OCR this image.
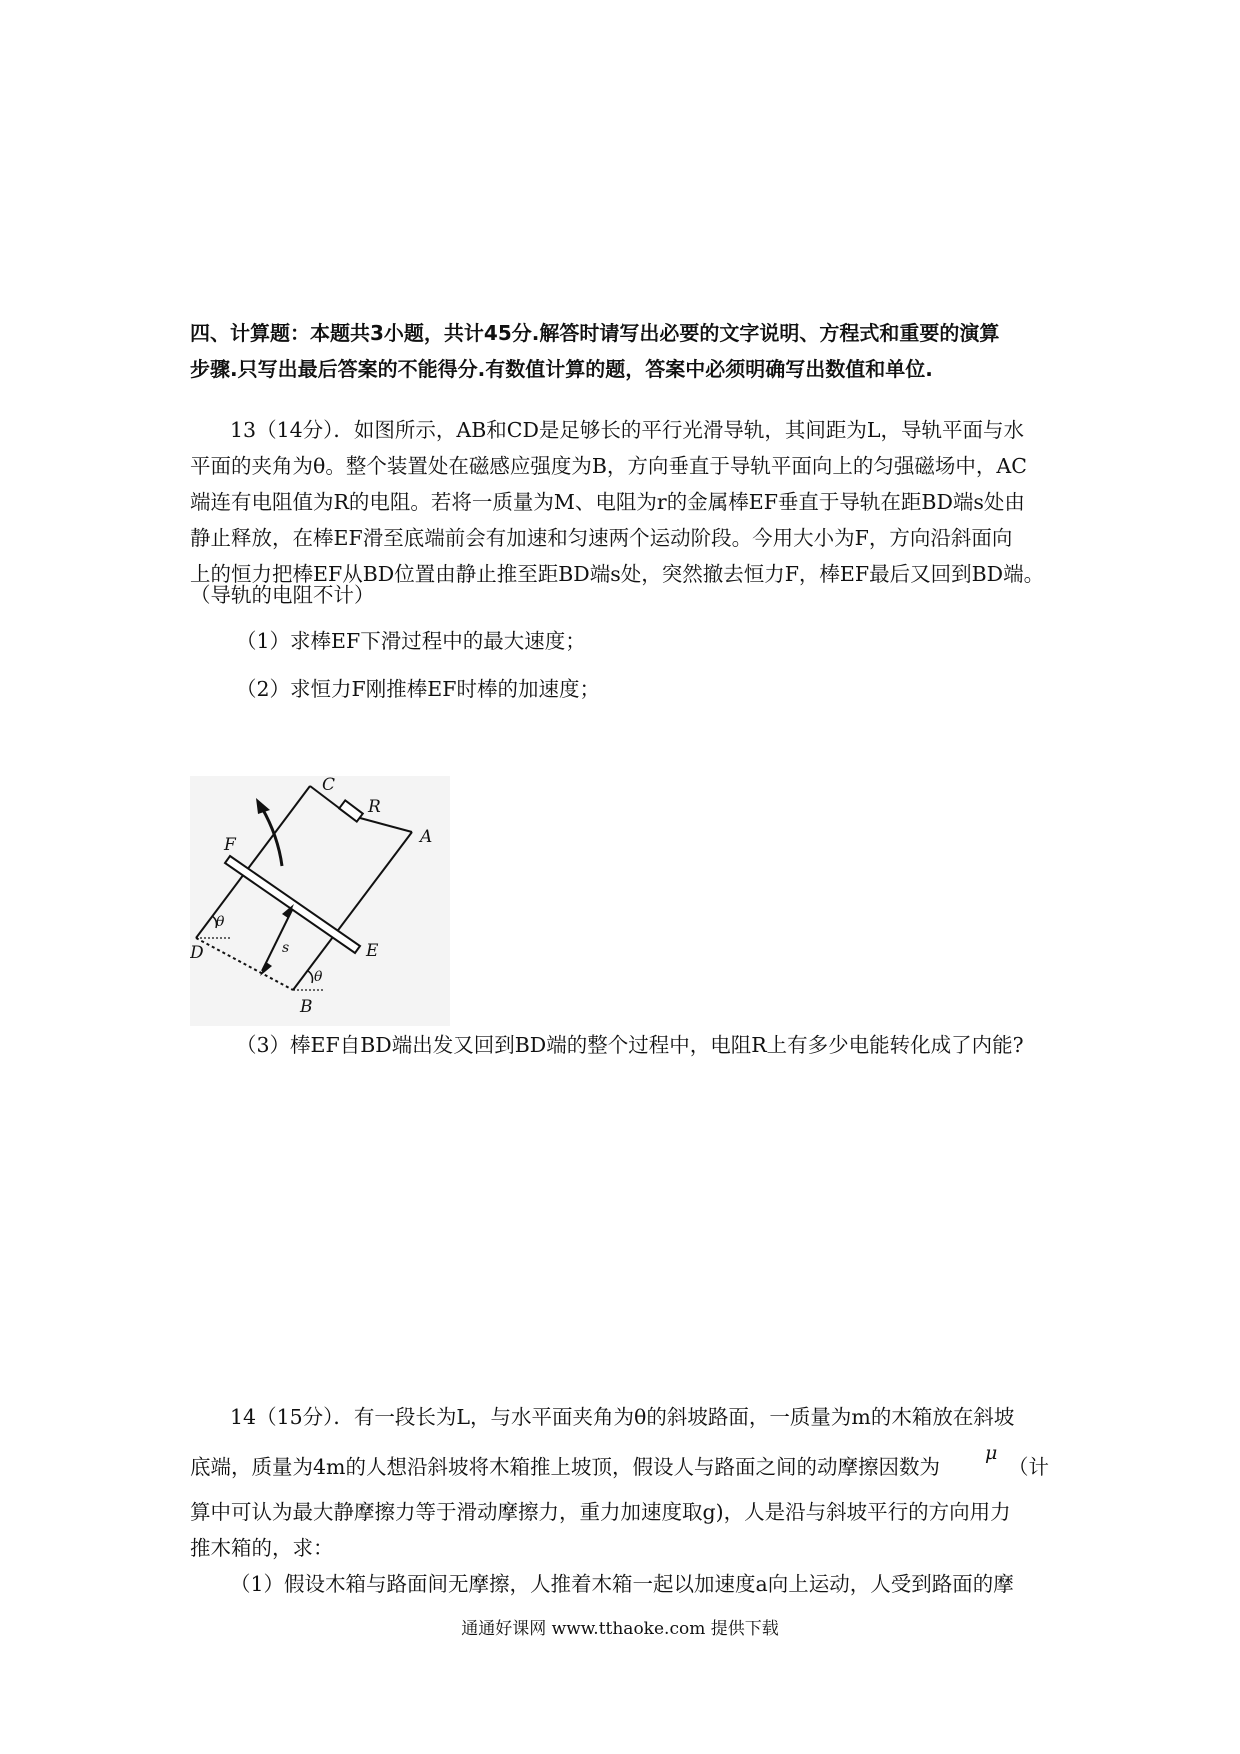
四、计算题：本题共3小题，共计45分.解答时请写出必要的文字说明、方程式和重要的演算
步骤.只写出最后答案的不能得分.有数值计算的题，答案中必须明确写出数值和单位.
13（14分）．如图所示，AB和CD是足够长的平行光滑导轨，其间距为L，导轨平面与水
平面的夹角为θ。整个装置处在磁感应强度为B，方向垂直于导轨平面向上的匀强磁场中，AC
端连有电阻值为R的电阻。若将一质量为M、电阻为r的金属棒EF垂直于导轨在距BD端s处由
静止释放，在棒EF滑至底端前会有加速和匀速两个运动阶段。今用大小为F，方向沿斜面向
上的恒力把棒EF从BD位置由静止推至距BD端s处，突然撤去恒力F，棒EF最后又回到BD端。
（导轨的电阻不计）
（1）求棒EF下滑过程中的最大速度；
（2）求恒力F刚推棒EF时棒的加速度；
C
R
F	A
D	E
B
s
θ
θ
（3）棒EF自BD端出发又回到BD端的整个过程中，电阻R上有多少电能转化成了内能?
14（15分）．有一段长为L，与水平面夹角为θ的斜坡路面，一质量为m的木箱放在斜坡
底端，质量为4m的人想沿斜坡将木箱推上坡顶，假设人与路面之间的动摩擦因数为
μ
（计
算中可认为最大静摩擦力等于滑动摩擦力，重力加速度取g)，人是沿与斜坡平行的方向用力
推木箱的，求：
（1）假设木箱与路面间无摩擦，人推着木箱一起以加速度a向上运动，人受到路面的摩
通通好课网 www.tthaoke.com 提供下载
